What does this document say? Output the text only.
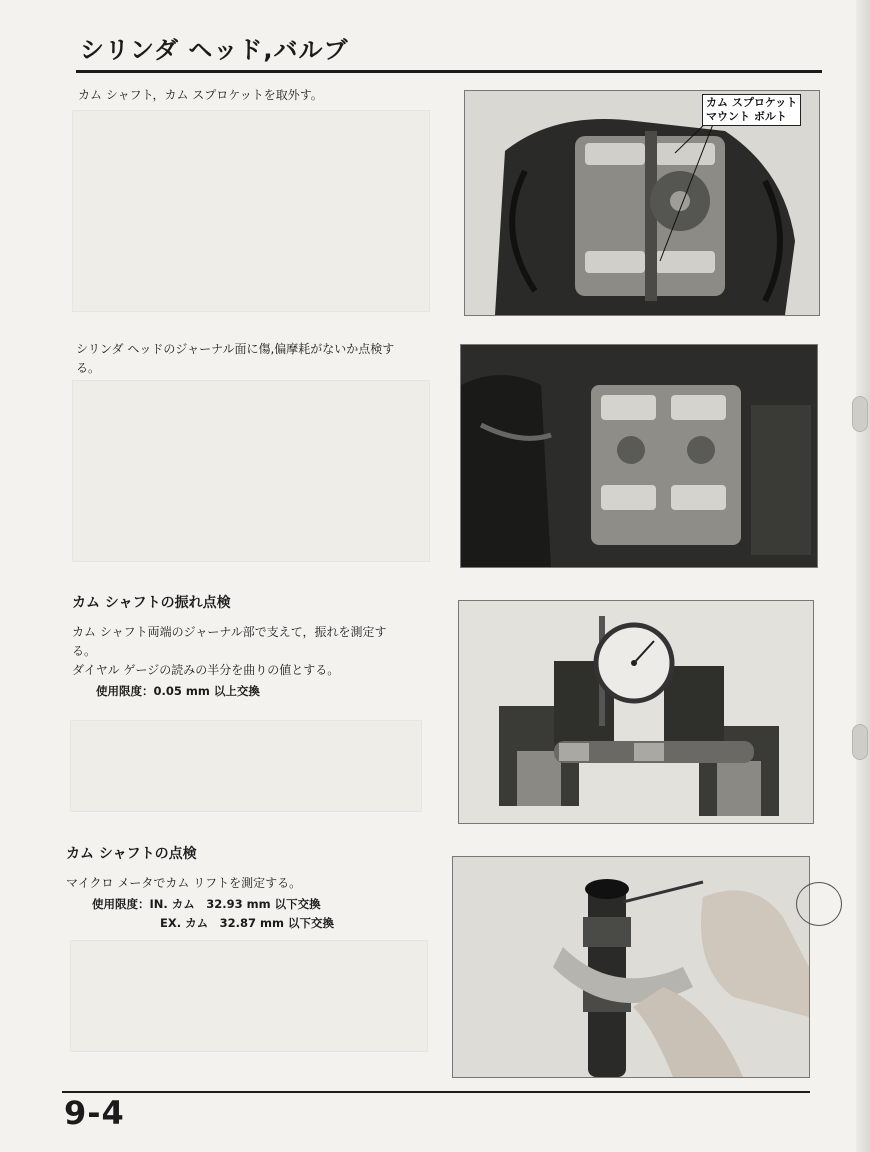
シリンダ ヘッド,バルブ

カム シャフト，カム スプロケットを取外す。

シリンダ ヘッドのジャーナル面に傷,偏摩耗がないか点検す

る。

カム シャフトの振れ点検

カム シャフト両端のジャーナル部で支えて，振れを測定す

る。

ダイヤル ゲージの読みの半分を曲りの値とする。

使用限度：0.05 mm 以上交換

カム シャフトの点検

マイクロ メータでカム リフトを測定する。

使用限度：IN. カム　32.93 mm 以下交換

EX. カム　32.87 mm 以下交換

カム スプロケット
マウント ボルト
9-4
